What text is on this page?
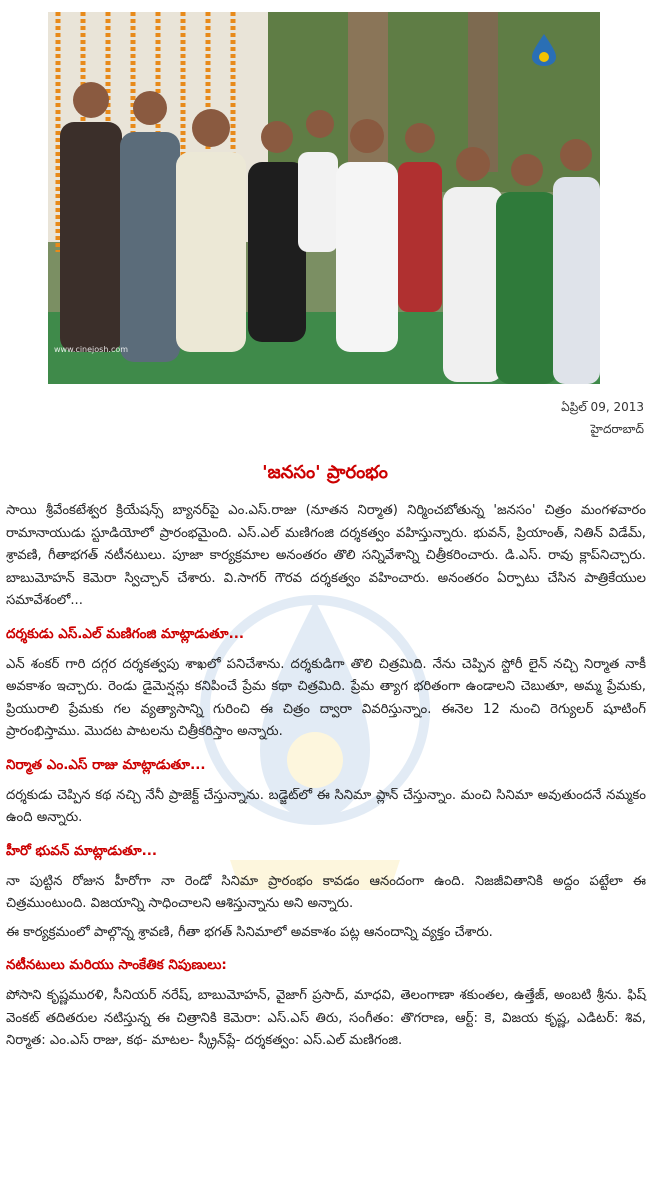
www.cinejosh.com
ఏప్రిల్ 09, 2013
హైదరాబాద్
'జనసం' ప్రారంభం

సాయి శ్రీవేంకటేశ్వర క్రియేషన్స్ బ్యానర్‌పై ఎం.ఎస్.రాజు (నూతన నిర్మాత) నిర్మించబోతున్న 'జనసం' చిత్రం మంగళవారం రామానాయుడు స్టూడియోలో ప్రారంభమైంది. ఎస్.ఎల్ మణిగంజి దర్శకత్వం వహిస్తున్నారు. భువన్, ప్రియాంత్, నితిన్ విడేమ్, శ్రావణి, గీతాభగత్ నటీనటులు. పూజా కార్యక్రమాల అనంతరం తొలి సన్నివేశాన్ని చిత్రీకరించారు. డి.ఎస్. రావు క్లాప్‌నిచ్చారు. బాబుమోహన్ కెమెరా స్విచ్చాన్ చేశారు. వి.సాగర్ గౌరవ దర్శకత్వం వహించారు. అనంతరం ఏర్పాటు చేసిన పాత్రికేయుల సమావేశంలో...

దర్శకుడు ఎస్.ఎల్ మణిగంజి మాట్లాడుతూ...

ఎన్ శంకర్ గారి దగ్గర దర్శకత్వపు శాఖలో పనిచేశాను. దర్శకుడిగా తొలి చిత్రమిది. నేను చెప్పిన స్టోరీ లైన్ నచ్చి నిర్మాత నాకీ అవకాశం ఇచ్చారు. రెండు డైమెన్షన్లు కనిపించే ప్రేమ కథా చిత్రమిది. ప్రేమ త్యాగ భరితంగా ఉండాలని చెబుతూ, అమ్మ ప్రేమకు, ప్రియురాలి ప్రేమకు గల వ్యత్యాసాన్ని గురించి ఈ చిత్రం ద్వారా వివరిస్తున్నాం. ఈనెల 12 నుంచి రెగ్యులర్ షూటింగ్ ప్రారంభిస్తాము. మొదట పాటలను చిత్రీకరిస్తాం అన్నారు.

నిర్మాత ఎం.ఎస్ రాజు మాట్లాడుతూ...

దర్శకుడు చెప్పిన కథ నచ్చి నేనీ ప్రాజెక్ట్ చేస్తున్నాను. బడ్జెట్‌లో ఈ సినిమా ప్లాన్ చేస్తున్నాం. మంచి సినిమా అవుతుందనే నమ్మకం ఉంది అన్నారు.

హీరో భువన్ మాట్లాడుతూ...

నా పుట్టిన రోజున హీరోగా నా రెండో సినిమా ప్రారంభం కావడం ఆనందంగా ఉంది. నిజజీవితానికి అద్దం పట్టేలా ఈ చిత్రముంటుంది. విజయాన్ని సాధించాలని ఆశిస్తున్నాను అని అన్నారు.

ఈ కార్యక్రమంలో పాల్గొన్న శ్రావణి, గీతా భగత్ సినిమాలో అవకాశం పట్ల ఆనందాన్ని వ్యక్తం చేశారు.

నటీనటులు మరియు సాంకేతిక నిపుణులు:

పోసాని కృష్ణమురళి, సీనియర్ నరేష్, బాబుమోహన్, వైజాగ్ ప్రసాద్, మాధవి, తెలంగాణా శకుంతల, ఉత్తేజ్, అంబటి శ్రీను. ఫిష్ వెంకట్ తదితరుల నటిస్తున్న ఈ చిత్రానికి కెమెరా: ఎస్.ఎస్ తిరు, సంగీతం: తొగరాణ, ఆర్ట్: కె, విజయ కృష్ణ, ఎడిటర్: శివ, నిర్మాత: ఎం.ఎస్ రాజు, కథ- మాటల- స్క్రీన్‌ప్లే- దర్శకత్వం: ఎస్.ఎల్ మణిగంజి.
